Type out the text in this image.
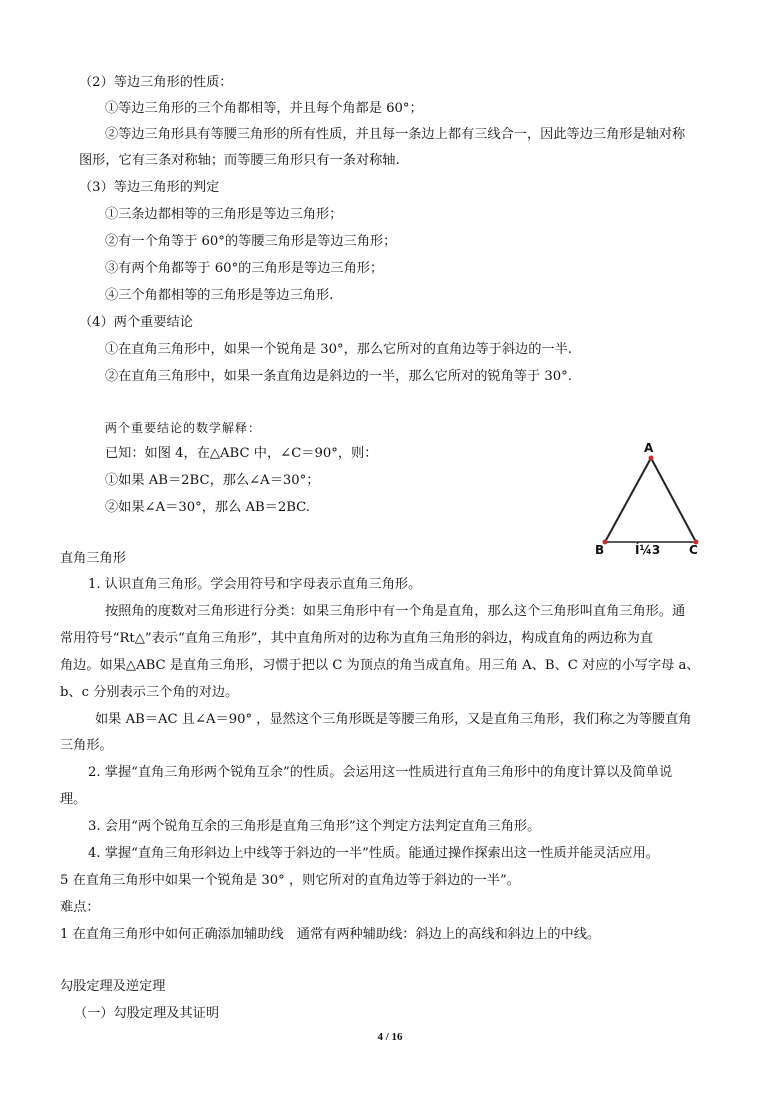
（2）等边三角形的性质：
①等边三角形的三个角都相等，并且每个角都是 60°；
②等边三角形具有等腰三角形的所有性质，并且每一条边上都有三线合一，因此等边三角形是轴对称
图形，它有三条对称轴；而等腰三角形只有一条对称轴.
（3）等边三角形的判定
①三条边都相等的三角形是等边三角形；
②有一个角等于 60°的等腰三角形是等边三角形；
③有两个角都等于 60°的三角形是等边三角形；
④三个角都相等的三角形是等边三角形.
（4）两个重要结论
①在直角三角形中，如果一个锐角是 30°，那么它所对的直角边等于斜边的一半.
②在直角三角形中，如果一条直角边是斜边的一半，那么它所对的锐角等于 30°.
两个重要结论的数学解释：
已知：如图 4，在△ABC 中，∠C＝90°，则：
①如果 AB＝2BC，那么∠A＝30°；
②如果∠A＝30°，那么 AB＝2BC.
直角三角形
1. 认识直角三角形。学会用符号和字母表示直角三角形。
按照角的度数对三角形进行分类：如果三角形中有一个角是直角，那么这个三角形叫直角三角形。通
常用符号“Rt△”表示“直角三角形”，其中直角所对的边称为直角三角形的斜边，构成直角的两边称为直
角边。如果△ABC 是直角三角形，习惯于把以 C 为顶点的角当成直角。用三角 A、B、C 对应的小写字母 a、
b、c 分别表示三个角的对边。
如果 AB＝AC 且∠A＝90° ，显然这个三角形既是等腰三角形，又是直角三角形，我们称之为等腰直角
三角形。
2. 掌握“直角三角形两个锐角互余”的性质。会运用这一性质进行直角三角形中的角度计算以及简单说
理。
3. 会用“两个锐角互余的三角形是直角三角形”这个判定方法判定直角三角形。
4. 掌握“直角三角形斜边上中线等于斜边的一半”性质。能通过操作探索出这一性质并能灵活应用。
5 在直角三角形中如果一个锐角是 30° ，则它所对的直角边等于斜边的一半”。
难点：
1 在直角三角形中如何正确添加辅助线　通常有两种辅助线：斜边上的高线和斜边上的中线。
勾股定理及逆定理
（一）勾股定理及其证明
A
B	C
Í¼3
4 / 16
